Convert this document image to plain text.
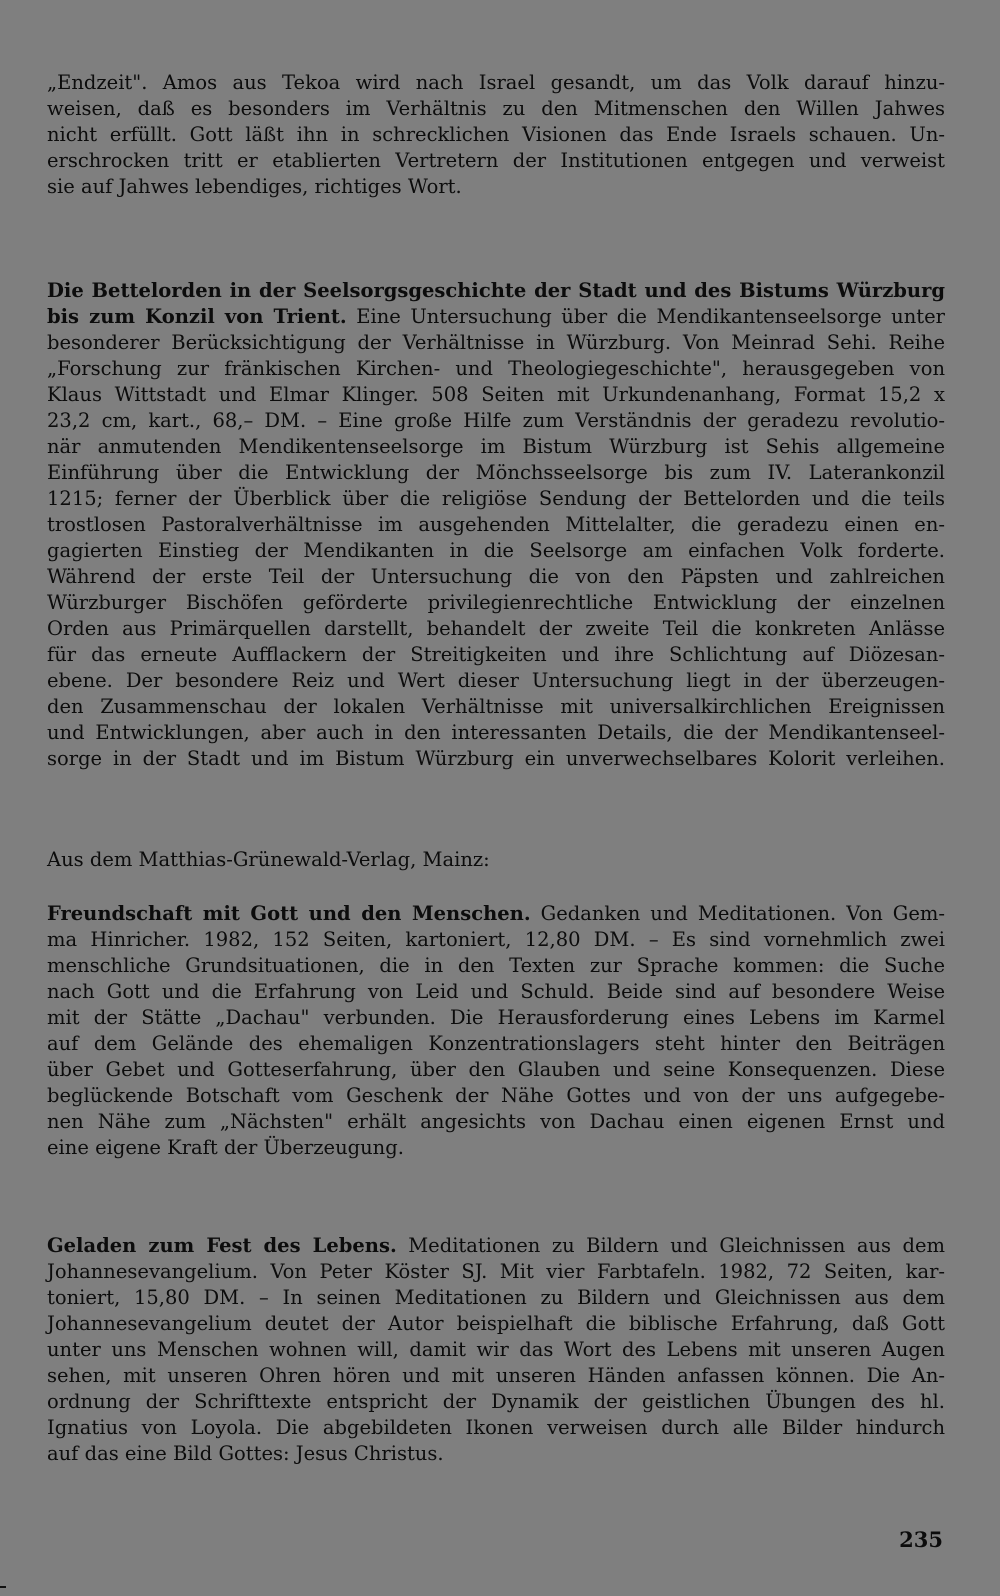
„Endzeit". Amos aus Tekoa wird nach Israel gesandt, um das Volk darauf hinzu-
weisen, daß es besonders im Verhältnis zu den Mitmenschen den Willen Jahwes
nicht erfüllt. Gott läßt ihn in schrecklichen Visionen das Ende Israels schauen. Un-
erschrocken tritt er etablierten Vertretern der Institutionen entgegen und verweist
sie auf Jahwes lebendiges, richtiges Wort.
Die Bettelorden in der Seelsorgsgeschichte der Stadt und des Bistums Würzburg
bis zum Konzil von Trient. Eine Untersuchung über die Mendikantenseelsorge unter
besonderer Berücksichtigung der Verhältnisse in Würzburg. Von Meinrad Sehi. Reihe
„Forschung zur fränkischen Kirchen- und Theologiegeschichte", herausgegeben von
Klaus Wittstadt und Elmar Klinger. 508 Seiten mit Urkundenanhang, Format 15,2 x
23,2 cm, kart., 68,– DM. – Eine große Hilfe zum Verständnis der geradezu revolutio-
när anmutenden Mendikentenseelsorge im Bistum Würzburg ist Sehis allgemeine
Einführung über die Entwicklung der Mönchsseelsorge bis zum IV. Laterankonzil
1215; ferner der Überblick über die religiöse Sendung der Bettelorden und die teils
trostlosen Pastoralverhältnisse im ausgehenden Mittelalter, die geradezu einen en-
gagierten Einstieg der Mendikanten in die Seelsorge am einfachen Volk forderte.
Während der erste Teil der Untersuchung die von den Päpsten und zahlreichen
Würzburger Bischöfen geförderte privilegienrechtliche Entwicklung der einzelnen
Orden aus Primärquellen darstellt, behandelt der zweite Teil die konkreten Anlässe
für das erneute Aufflackern der Streitigkeiten und ihre Schlichtung auf Diözesan-
ebene. Der besondere Reiz und Wert dieser Untersuchung liegt in der überzeugen-
den Zusammenschau der lokalen Verhältnisse mit universalkirchlichen Ereignissen
und Entwicklungen, aber auch in den interessanten Details, die der Mendikantenseel-
sorge in der Stadt und im Bistum Würzburg ein unverwechselbares Kolorit verleihen.
Aus dem Matthias-Grünewald-Verlag, Mainz:
Freundschaft mit Gott und den Menschen. Gedanken und Meditationen. Von Gem-
ma Hinricher. 1982, 152 Seiten, kartoniert, 12,80 DM. – Es sind vornehmlich zwei
menschliche Grundsituationen, die in den Texten zur Sprache kommen: die Suche
nach Gott und die Erfahrung von Leid und Schuld. Beide sind auf besondere Weise
mit der Stätte „Dachau" verbunden. Die Herausforderung eines Lebens im Karmel
auf dem Gelände des ehemaligen Konzentrationslagers steht hinter den Beiträgen
über Gebet und Gotteserfahrung, über den Glauben und seine Konsequenzen. Diese
beglückende Botschaft vom Geschenk der Nähe Gottes und von der uns aufgegebe-
nen Nähe zum „Nächsten" erhält angesichts von Dachau einen eigenen Ernst und
eine eigene Kraft der Überzeugung.
Geladen zum Fest des Lebens. Meditationen zu Bildern und Gleichnissen aus dem
Johannesevangelium. Von Peter Köster SJ. Mit vier Farbtafeln. 1982, 72 Seiten, kar-
toniert, 15,80 DM. – In seinen Meditationen zu Bildern und Gleichnissen aus dem
Johannesevangelium deutet der Autor beispielhaft die biblische Erfahrung, daß Gott
unter uns Menschen wohnen will, damit wir das Wort des Lebens mit unseren Augen
sehen, mit unseren Ohren hören und mit unseren Händen anfassen können. Die An-
ordnung der Schrifttexte entspricht der Dynamik der geistlichen Übungen des hl.
Ignatius von Loyola. Die abgebildeten Ikonen verweisen durch alle Bilder hindurch
auf das eine Bild Gottes: Jesus Christus.
235
